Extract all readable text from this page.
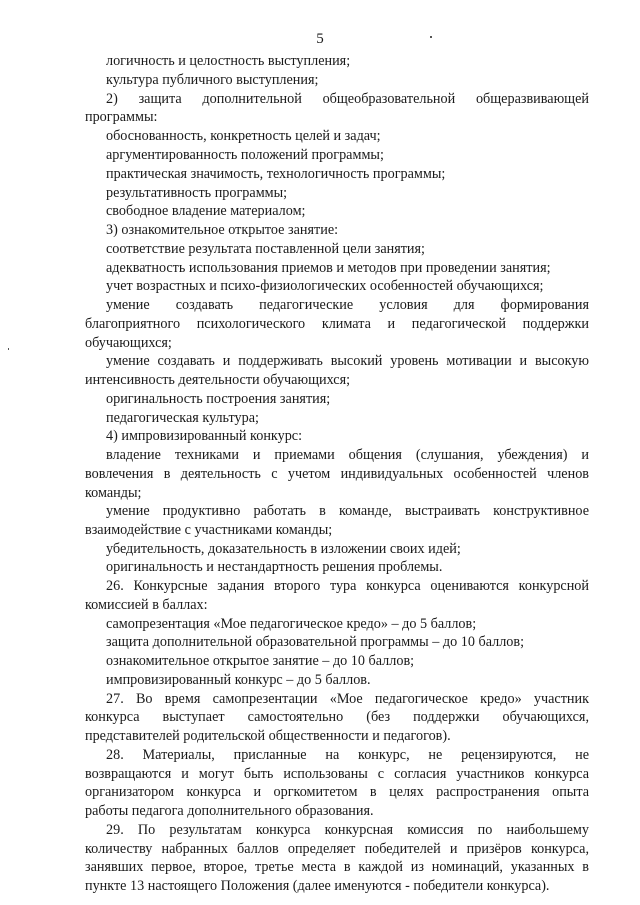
5
логичность и целостность выступления;
культура публичного выступления;
2) защита дополнительной общеобразовательной общеразвивающей
программы:
обоснованность, конкретность целей и задач;
аргументированность положений программы;
практическая значимость, технологичность программы;
результативность программы;
свободное владение материалом;
3) ознакомительное открытое занятие:
соответствие результата поставленной цели занятия;
адекватность использования приемов и методов при проведении занятия;
учет возрастных и психо-физиологических особенностей обучающихся;
умение создавать педагогические условия для формирования
благоприятного психологического климата и педагогической поддержки
обучающихся;
умение создавать и поддерживать высокий уровень мотивации и высокую
интенсивность деятельности обучающихся;
оригинальность построения занятия;
педагогическая культура;
4) импровизированный конкурс:
владение техниками и приемами общения (слушания, убеждения) и
вовлечения в деятельность с учетом индивидуальных особенностей членов
команды;
умение продуктивно работать в команде, выстраивать конструктивное
взаимодействие с участниками команды;
убедительность, доказательность в изложении своих идей;
оригинальность и нестандартность решения проблемы.
26. Конкурсные задания второго тура конкурса оцениваются конкурсной
комиссией в баллах:
самопрезентация «Мое педагогическое кредо» – до 5 баллов;
защита дополнительной образовательной программы – до 10 баллов;
ознакомительное открытое занятие – до 10 баллов;
импровизированный конкурс – до 5 баллов.
27. Во время самопрезентации «Мое педагогическое кредо» участник
конкурса выступает самостоятельно (без поддержки обучающихся,
представителей родительской общественности и педагогов).
28. Материалы, присланные на конкурс, не рецензируются, не
возвращаются и могут быть использованы с согласия участников конкурса
организатором конкурса и оргкомитетом в целях распространения опыта
работы педагога дополнительного образования.
29. По результатам конкурса конкурсная комиссия по наибольшему
количеству набранных баллов определяет победителей и призёров конкурса,
занявших первое, второе, третье места в каждой из номинаций, указанных в
пункте 13 настоящего Положения (далее именуются - победители конкурса).
